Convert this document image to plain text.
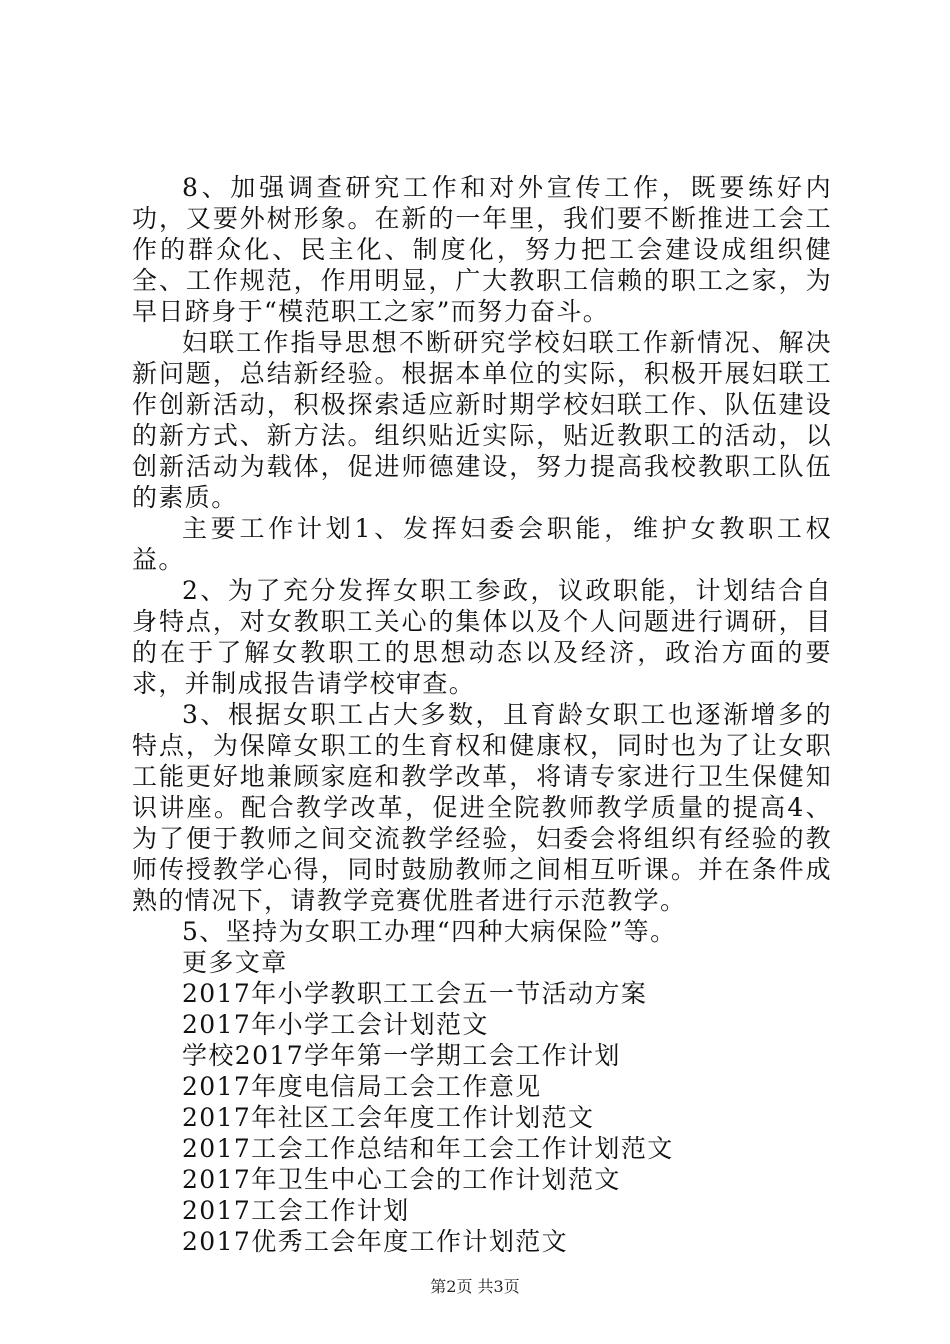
8、加强调查研究工作和对外宣传工作，既要练好内功，又要外树形象。在新的一年里，我们要不断推进工会工作的群众化、民主化、制度化，努力把工会建设成组织健全、工作规范，作用明显，广大教职工信赖的职工之家，为早日跻身于“模范职工之家”而努力奋斗。

妇联工作指导思想不断研究学校妇联工作新情况、解决新问题，总结新经验。根据本单位的实际，积极开展妇联工作创新活动，积极探索适应新时期学校妇联工作、队伍建设的新方式、新方法。组织贴近实际，贴近教职工的活动，以创新活动为载体，促进师德建设，努力提高我校教职工队伍的素质。

主要工作计划1、发挥妇委会职能，维护女教职工权益。

2、为了充分发挥女职工参政，议政职能，计划结合自身特点，对女教职工关心的集体以及个人问题进行调研，目的在于了解女教职工的思想动态以及经济，政治方面的要求，并制成报告请学校审查。

3、根据女职工占大多数，且育龄女职工也逐渐增多的特点，为保障女职工的生育权和健康权，同时也为了让女职工能更好地兼顾家庭和教学改革，将请专家进行卫生保健知识讲座。配合教学改革，促进全院教师教学质量的提高4、为了便于教师之间交流教学经验，妇委会将组织有经验的教师传授教学心得，同时鼓励教师之间相互听课。并在条件成熟的情况下，请教学竞赛优胜者进行示范教学。

5、坚持为女职工办理“四种大病保险”等。

更多文章

2017年小学教职工工会五一节活动方案
2017年小学工会计划范文
学校2017学年第一学期工会工作计划
2017年度电信局工会工作意见
2017年社区工会年度工作计划范文
2017工会工作总结和年工会工作计划范文
2017年卫生中心工会的工作计划范文
2017工会工作计划
2017优秀工会年度工作计划范文
第2页 共3页
